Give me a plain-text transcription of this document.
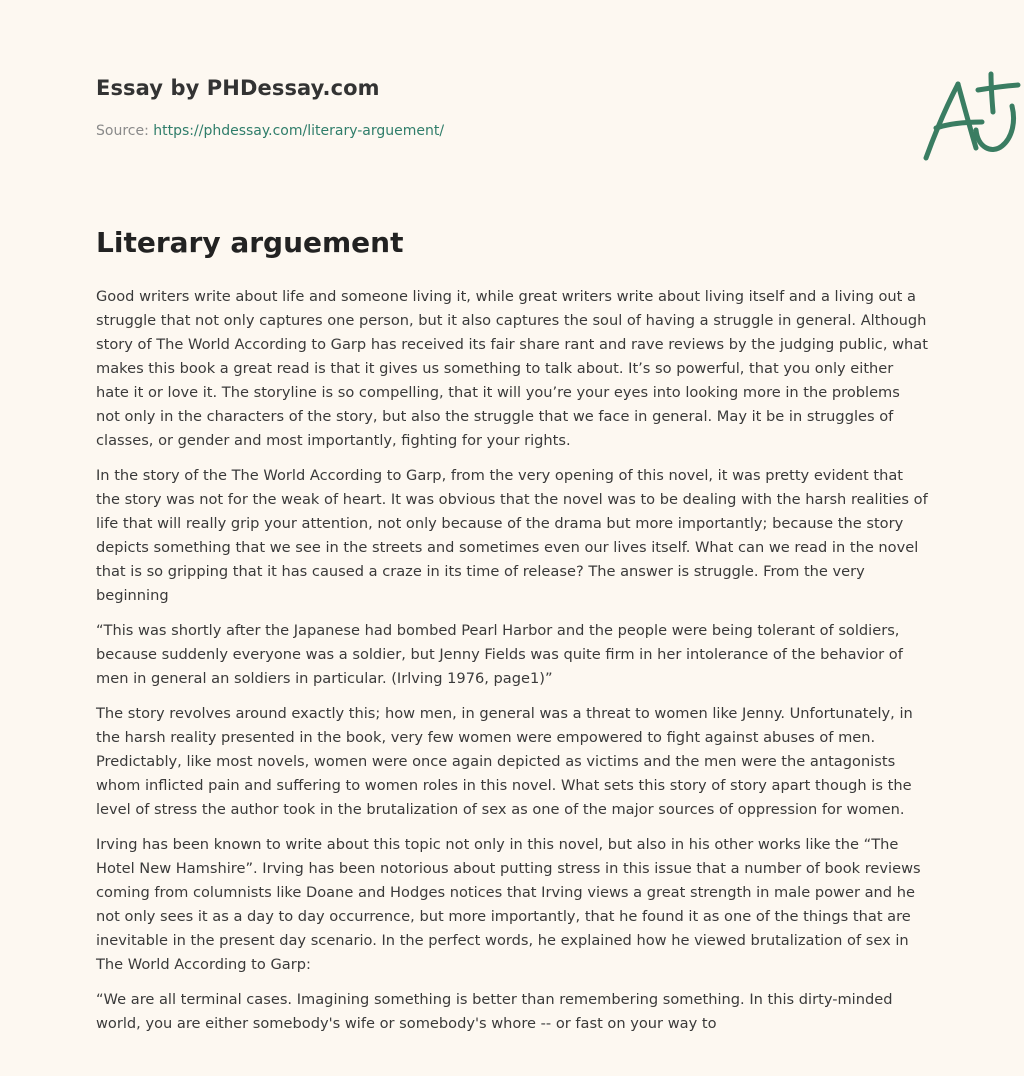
Essay by PHDessay.com
Source: https://phdessay.com/literary-arguement/
Literary arguement

Good writers write about life and someone living it, while great writers write about living itself and a living out a struggle that not only captures one person, but it also captures the soul of having a struggle in general. Although story of The World According to Garp has received its fair share rant and rave reviews by the judging public, what makes this book a great read is that it gives us something to talk about. It’s so powerful, that you only either hate it or love it. The storyline is so compelling, that it will you’re your eyes into looking more in the problems not only in the characters of the story, but also the struggle that we face in general. May it be in struggles of classes, or gender and most importantly, fighting for your rights.

In the story of the The World According to Garp, from the very opening of this novel, it was pretty evident that the story was not for the weak of heart. It was obvious that the novel was to be dealing with the harsh realities of life that will really grip your attention, not only because of the drama but more importantly; because the story depicts something that we see in the streets and sometimes even our lives itself. What can we read in the novel that is so gripping that it has caused a craze in its time of release? The answer is struggle. From the very beginning

“This was shortly after the Japanese had bombed Pearl Harbor and the people were being tolerant of soldiers, because suddenly everyone was a soldier, but Jenny Fields was quite firm in her intolerance of the behavior of men in general an soldiers in particular. (Irlving 1976, page1)”

The story revolves around exactly this; how men, in general was a threat to women like Jenny. Unfortunately, in the harsh reality presented in the book, very few women were empowered to fight against abuses of men. Predictably, like most novels, women were once again depicted as victims and the men were the antagonists whom inflicted pain and suffering to women roles in this novel. What sets this story of story apart though is the level of stress the author took in the brutalization of sex as one of the major sources of oppression for women.

Irving has been known to write about this topic not only in this novel, but also in his other works like the “The Hotel New Hamshire”. Irving has been notorious about putting stress in this issue that a number of book reviews coming from columnists like Doane and Hodges notices that Irving views a great strength in male power and he not only sees it as a day to day occurrence, but more importantly, that he found it as one of the things that are inevitable in the present day scenario. In the perfect words, he explained how he viewed brutalization of sex in The World According to Garp:

“We are all terminal cases. Imagining something is better than remembering something. In this dirty-minded world, you are either somebody's wife or somebody's whore -- or fast on your way to
